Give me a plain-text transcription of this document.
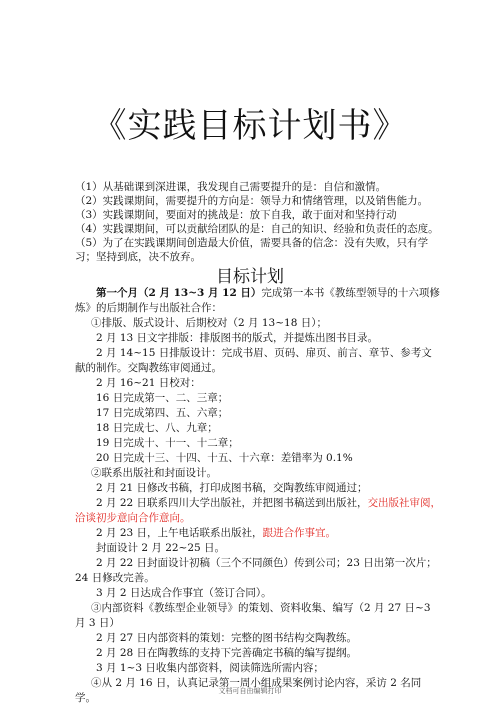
《实践目标计划书》

（1）从基础课到深进课，我发现自己需要提升的是：自信和激情。

（2）实践课期间，需要提升的方向是：领导力和情绪管理，以及销售能力。

（3）实践课期间，要面对的挑战是：放下自我，敢于面对和坚持行动

（4）实践课期间，可以贡献给团队的是：自己的知识、经验和负责任的态度。

（5）为了在实践课期间创造最大价值，需要具备的信念：没有失败，只有学习；坚持到底，决不放弃。

目标计划

第一个月（2 月 13~3 月 12 日）完成第一本书《教练型领导的十六项修炼》的后期制作与出版社合作：

①排版、版式设计、后期校对（2 月 13~18 日）；

2 月 13 日文字排版：排版图书的版式，并提炼出图书目录。

2 月 14~15 日排版设计：完成书眉、页码、扉页、前言、章节、参考文献的制作。交陶教练审阅通过。

2 月 16~21 日校对：

16 日完成第一、二、三章；

17 日完成第四、五、六章；

18 日完成七、八、九章；

19 日完成十、十一、十二章；

20 日完成十三、十四、十五、十六章：差错率为 0.1%

②联系出版社和封面设计。

2 月 21 日修改书稿，打印成图书稿，交陶教练审阅通过；

2 月 22 日联系四川大学出版社，并把图书稿送到出版社，交出版社审阅，洽谈初步意向合作意向。

2 月 23 日，上午电话联系出版社，跟进合作事宜。

封面设计 2 月 22~25 日。

2 月 22 日封面设计初稿（三个不同颜色）传到公司；23 日出第一次片；24 日修改完善。

3 月 2 日达成合作事宜（签订合同）。

③内部资料《教练型企业领导》的策划、资料收集、编写（2 月 27 日~3 月 3 日）

2 月 27 日内部资料的策划：完整的图书结构交陶教练。

2 月 28 日在陶教练的支持下完善确定书稿的编写提纲。

3 月 1~3 日收集内部资料，阅读筛选所需内容；

④从 2 月 16 日，认真记录第一周小组成果案例讨论内容，采访 2 名同学。

文档可自由编辑打印
